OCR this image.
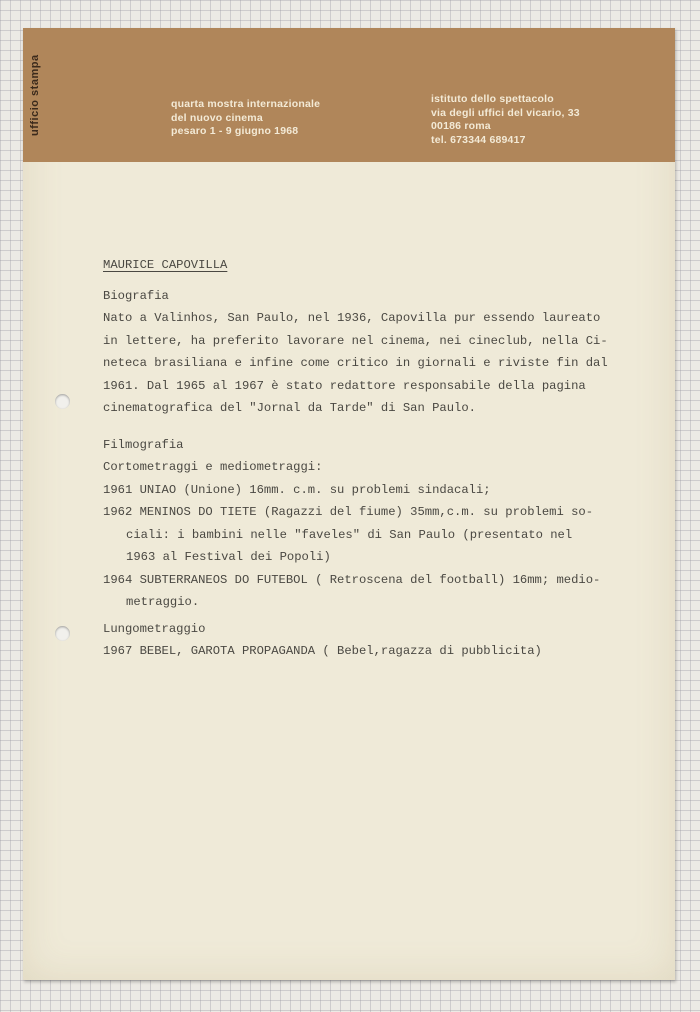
ufficio stampa	quarta mostra internazionale
del nuovo cinema
pesaro 1 - 9 giugno 1968
istituto dello spettacolo
via degli uffici del vicario, 33
00186 roma
tel. 673344 689417
MAURICE CAPOVILLA
Biografia
Nato a Valinhos, San Paulo, nel 1936, Capovilla pur essendo laureato
in lettere, ha preferito lavorare nel cinema, nei cineclub, nella Ci-
neteca brasiliana e infine come critico in giornali e riviste fin dal
1961. Dal 1965 al 1967 è stato redattore responsabile della pagina
cinematografica del "Jornal da Tarde" di San Paulo.
Filmografia
Cortometraggi e mediometraggi:
1961 UNIAO (Unione) 16mm. c.m. su problemi sindacali;
1962 MENINOS DO TIETE (Ragazzi del fiume) 35mm,c.m. su problemi so-
ciali: i bambini nelle "faveles" di San Paulo (presentato nel
1963 al Festival dei Popoli)
1964 SUBTERRANEOS DO FUTEBOL ( Retroscena del football) 16mm; medio-
metraggio.
Lungometraggio
1967 BEBEL, GAROTA PROPAGANDA ( Bebel,ragazza di pubblicita)
